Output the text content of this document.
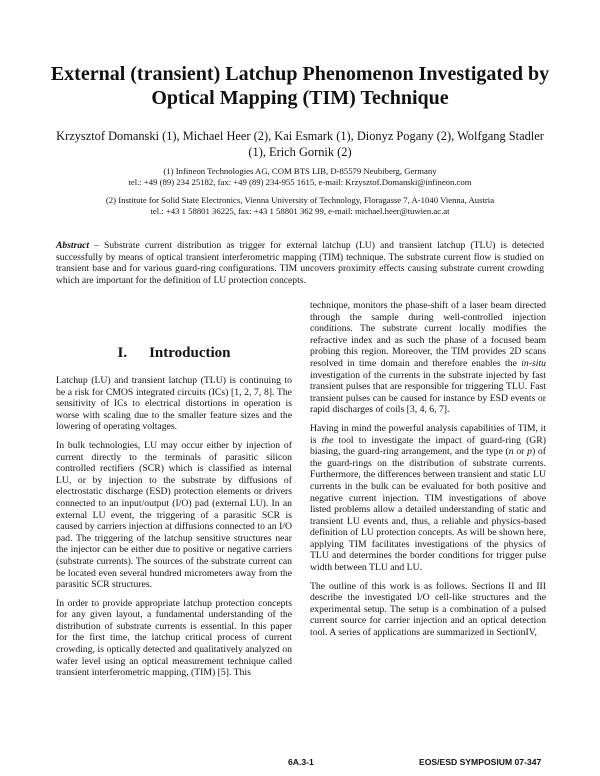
External (transient) Latchup Phenomenon Investigated by
Optical Mapping (TIM) Technique
Krzysztof Domanski (1), Michael Heer (2), Kai Esmark (1), Dionyz Pogany (2), Wolfgang Stadler (1), Erich Gornik (2)
(1) Infineon Technologies AG, COM BTS LIB, D-85579 Neubiberg, Germany
tel.: +49 (89) 234 25182, fax: +49 (89) 234-955 1615, e-mail: Krzysztof.Domanski@infineon.com
(2) Institute for Solid State Electronics, Vienna University of Technology, Floragasse 7, A-1040 Vienna, Austria
tel.: +43 1 58801 36225, fax: +43 1 58801 362 99, e-mail: michael.heer@tuwien.ac.at
Abstract – Substrate current distribution as trigger for external latchup (LU) and transient latchup (TLU) is detected successfully by means of optical transient interferometric mapping (TIM) technique. The substrate current flow is studied on transient base and for various guard-ring configurations. TIM uncovers proximity effects causing substrate current crowding which are important for the definition of LU protection concepts.
I. Introduction

Latchup (LU) and transient latchup (TLU) is continuing to be a risk for CMOS integrated circuits (ICs) [1, 2, 7, 8]. The sensitivity of ICs to electrical distortions in operation is worse with scaling due to the smaller feature sizes and the lowering of operating voltages.

In bulk technologies, LU may occur either by injection of current directly to the terminals of parasitic silicon controlled rectifiers (SCR) which is classified as internal LU, or by injection to the substrate by diffusions of electrostatic discharge (ESD) protection elements or drivers connected to an input/output (I/O) pad (external LU). In an external LU event, the triggering of a parasitic SCR is caused by carriers injection at diffusions connected to an I/O pad. The triggering of the latchup sensitive structures near the injector can be either due to positive or negative carriers (substrate currents). The sources of the substrate current can be located even several hundred micrometers away from the parasitic SCR structures.

In order to provide appropriate latchup protection concepts for any given layout, a fundamental understanding of the distribution of substrate currents is essential. In this paper for the first time, the latchup critical process of current crowding, is optically detected and qualitatively analyzed on wafer level using an optical measurement technique called transient interferometric mapping, (TIM) [5]. This

technique, monitors the phase-shift of a laser beam directed through the sample during well-controlled injection conditions. The substrate current locally modifies the refractive index and as such the phase of a focused beam probing this region. Moreover, the TIM provides 2D scans resolved in time domain and therefore enables the in-situ investigation of the currents in the substrate injected by fast transient pulses that are responsible for triggering TLU. Fast transient pulses can be caused for instance by ESD events or rapid discharges of coils [3, 4, 6, 7].

Having in mind the powerful analysis capabilities of TIM, it is the tool to investigate the impact of guard-ring (GR) biasing, the guard-ring arrangement, and the type (n or p) of the guard-rings on the distribution of substrate currents. Furthermore, the differences between transient and static LU currents in the bulk can be evaluated for both positive and negative current injection. TIM investigations of above listed problems allow a detailed understanding of static and transient LU events and, thus, a reliable and physics-based definition of LU protection concepts. As will be shown here, applying TIM facilitates investigations of the physics of TLU and determines the border conditions for trigger pulse width between TLU and LU.

The outline of this work is as follows. Sections II and III describe the investigated I/O cell-like structures and the experimental setup. The setup is a combination of a pulsed current source for carrier injection and an optical detection tool. A series of applications are summarized in SectionIV,

6A.3-1	EOS/ESD SYMPOSIUM 07-347
